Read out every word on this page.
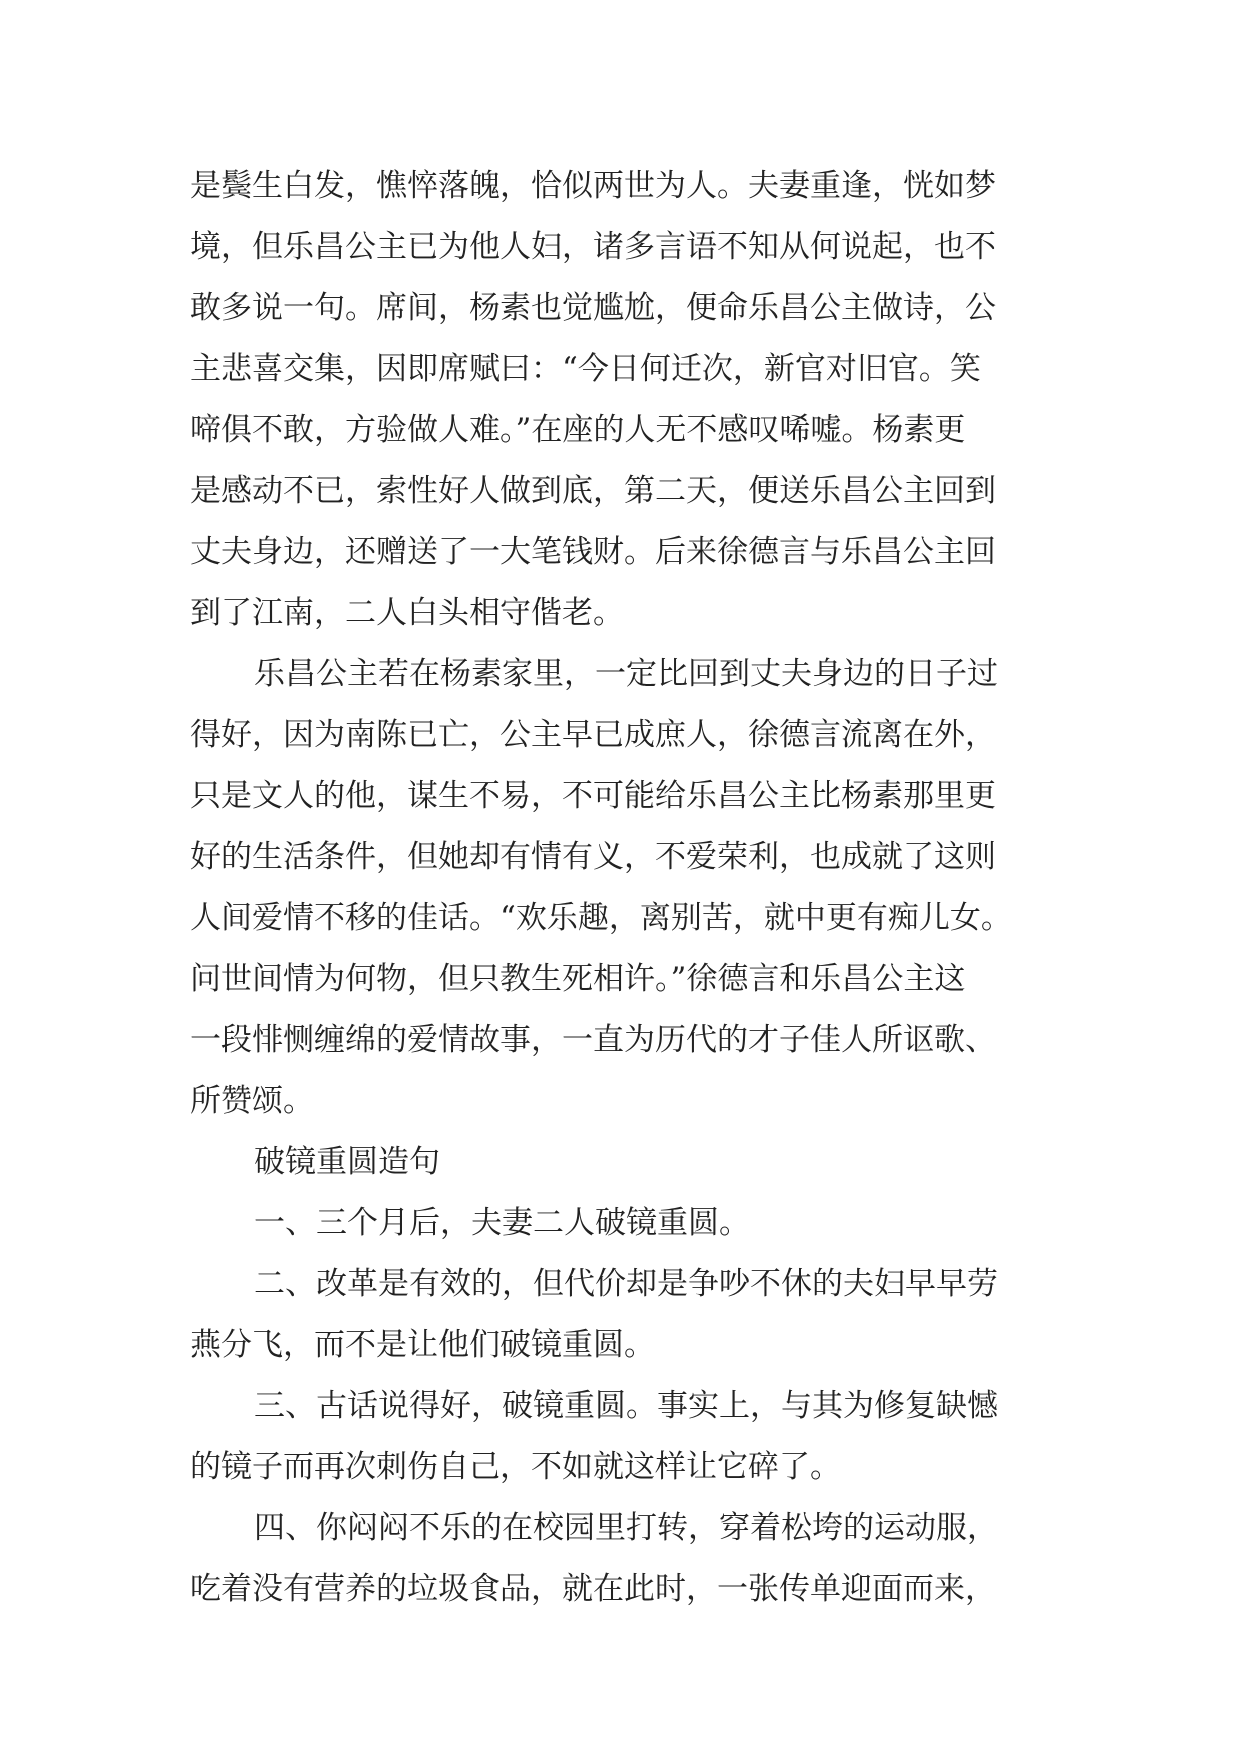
是鬓生白发，憔悴落魄，恰似两世为人。夫妻重逢，恍如梦
境，但乐昌公主已为他人妇，诸多言语不知从何说起，也不
敢多说一句。席间，杨素也觉尴尬，便命乐昌公主做诗，公
主悲喜交集，因即席赋曰：“今日何迁次，新官对旧官。笑
啼俱不敢，方验做人难。”在座的人无不感叹唏嘘。杨素更
是感动不已，索性好人做到底，第二天，便送乐昌公主回到
丈夫身边，还赠送了一大笔钱财。后来徐德言与乐昌公主回
到了江南，二人白头相守偕老。

乐昌公主若在杨素家里，一定比回到丈夫身边的日子过
得好，因为南陈已亡，公主早已成庶人，徐德言流离在外，
只是文人的他，谋生不易，不可能给乐昌公主比杨素那里更
好的生活条件，但她却有情有义，不爱荣利，也成就了这则
人间爱情不移的佳话。“欢乐趣，离别苦，就中更有痴儿女。
问世间情为何物，但只教生死相许。”徐德言和乐昌公主这
一段悱恻缠绵的爱情故事，一直为历代的才子佳人所讴歌、
所赞颂。

破镜重圆造句

一、三个月后，夫妻二人破镜重圆。

二、改革是有效的，但代价却是争吵不休的夫妇早早劳
燕分飞，而不是让他们破镜重圆。

三、古话说得好，破镜重圆。事实上，与其为修复缺憾
的镜子而再次刺伤自己，不如就这样让它碎了。

四、你闷闷不乐的在校园里打转，穿着松垮的运动服，
吃着没有营养的垃圾食品，就在此时，一张传单迎面而来，
